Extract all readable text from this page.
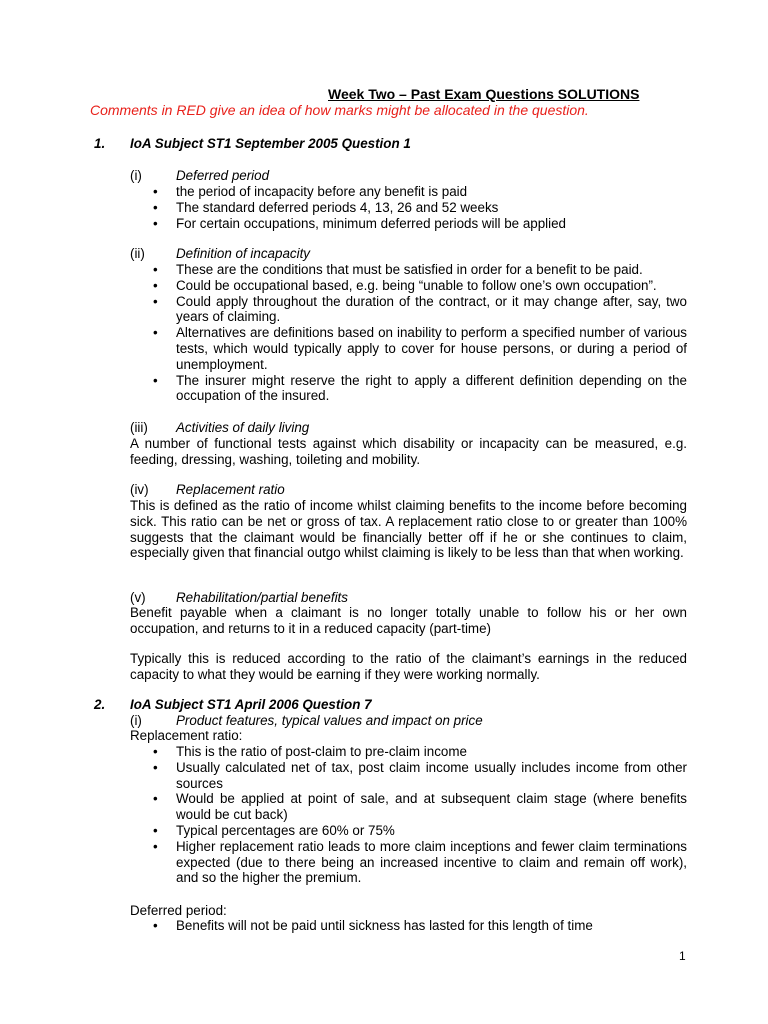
Week Two – Past Exam Questions SOLUTIONS
Comments in RED give an idea of how marks might be allocated in the question.
1. IoA Subject ST1 September 2005 Question 1
(i)	Deferred period
• the period of incapacity before any benefit is paid
• The standard deferred periods 4, 13, 26 and 52 weeks
• For certain occupations, minimum deferred periods will be applied
(ii) Definition of incapacity
• These are the conditions that must be satisfied in order for a benefit to be paid.
• Could be occupational based, e.g. being “unable to follow one’s own occupation”.
• Could apply throughout the duration of the contract, or it may change after, say, two years of claiming.
• Alternatives are definitions based on inability to perform a specified number of various tests, which would typically apply to cover for house persons, or during a period of unemployment.
• The insurer might reserve the right to apply a different definition depending on the occupation of the insured.
(iii) Activities of daily living

A number of functional tests against which disability or incapacity can be measured, e.g. feeding, dressing, washing, toileting and mobility.

(iv) Replacement ratio

This is defined as the ratio of income whilst claiming benefits to the income before becoming sick. This ratio can be net or gross of tax. A replacement ratio close to or greater than 100% suggests that the claimant would be financially better off if he or she continues to claim, especially given that financial outgo whilst claiming is likely to be less than that when working.

(v) Rehabilitation/partial benefits

Benefit payable when a claimant is no longer totally unable to follow his or her own occupation, and returns to it in a reduced capacity (part-time)

Typically this is reduced according to the ratio of the claimant’s earnings in the reduced capacity to what they would be earning if they were working normally.

2. IoA Subject ST1 April 2006 Question 7
(i)	Product features, typical values and impact on price
Replacement ratio:
• This is the ratio of post-claim to pre-claim income
• Usually calculated net of tax, post claim income usually includes income from other sources
• Would be applied at point of sale, and at subsequent claim stage (where benefits would be cut back)
• Typical percentages are 60% or 75%
• Higher replacement ratio leads to more claim inceptions and fewer claim terminations expected (due to there being an increased incentive to claim and remain off work), and so the higher the premium.
Deferred period:
• Benefits will not be paid until sickness has lasted for this length of time
1
